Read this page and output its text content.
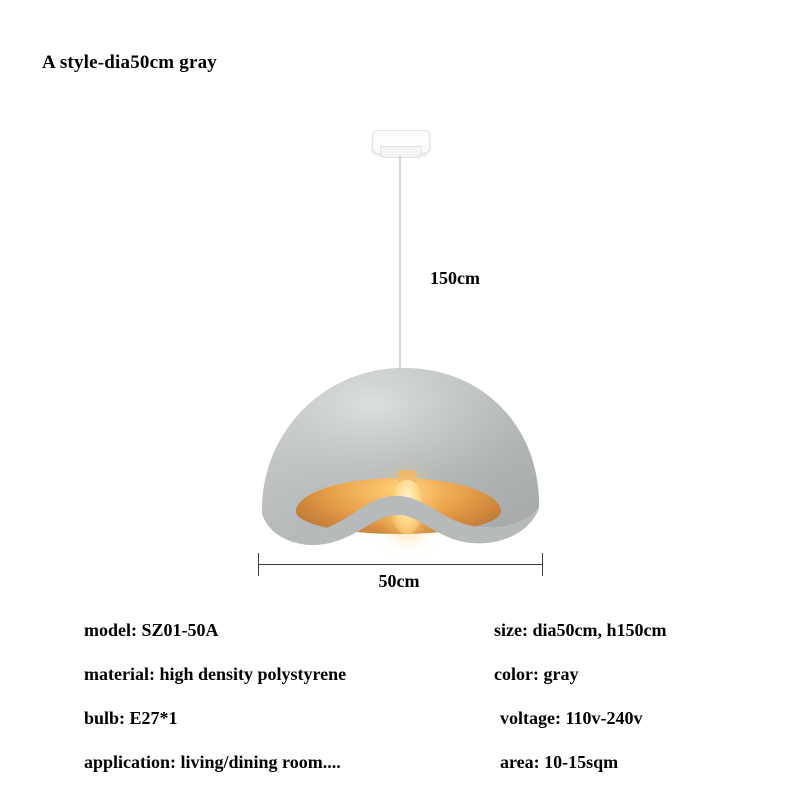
A style-dia50cm gray
150cm
50cm
model: SZ01-50A	size: dia50cm, h150cm
material: high density polystyrene	color: gray
bulb: E27*1	voltage: 110v-240v
application: living/dining room....	area: 10-15sqm
